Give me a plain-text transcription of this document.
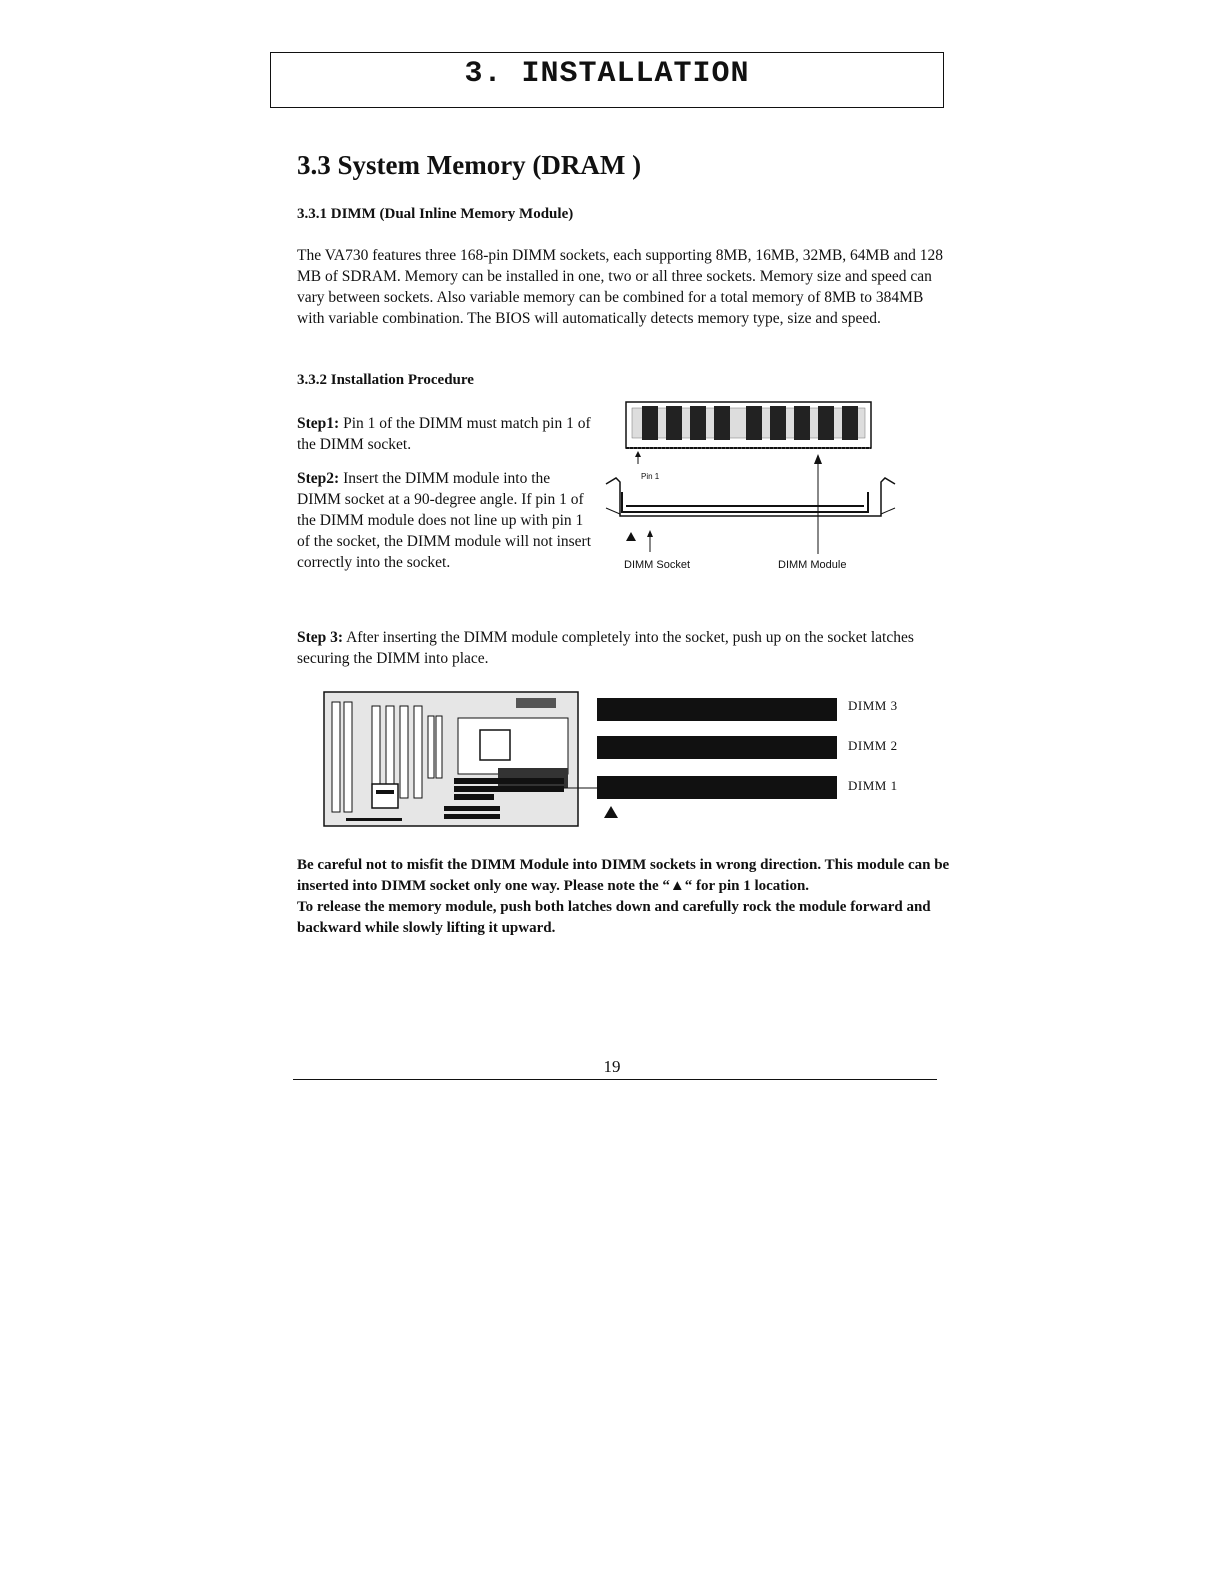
3. INSTALLATION
3.3 System Memory (DRAM )
3.3.1 DIMM (Dual Inline Memory Module)
The VA730 features three 168-pin DIMM sockets, each supporting 8MB, 16MB, 32MB, 64MB and 128 MB of SDRAM. Memory can be installed in one, two or all three sockets. Memory size and speed can vary between sockets. Also variable memory can be combined for a total memory of 8MB to 384MB with variable combination. The BIOS will automatically detects memory type, size and speed.
3.3.2 Installation Procedure

Step1: Pin 1 of the DIMM must match pin 1 of the DIMM socket.

Step2: Insert the DIMM module into the DIMM socket at a 90-degree angle. If pin 1 of the DIMM module does not line up with pin 1 of the socket, the DIMM module will not insert correctly into the socket.

Pin 1
DIMM Socket	DIMM Module
Step 3: After inserting the DIMM module completely into the socket, push up on the socket latches securing the DIMM into place.
DIMM 3
DIMM 2
DIMM 1

Be careful not to misfit the DIMM Module into DIMM sockets in wrong direction. This module can be inserted into DIMM socket only one way. Please note the “▲“ for pin 1 location.

To release the memory module, push both latches down and carefully rock the module forward and backward while slowly lifting it upward.

19
